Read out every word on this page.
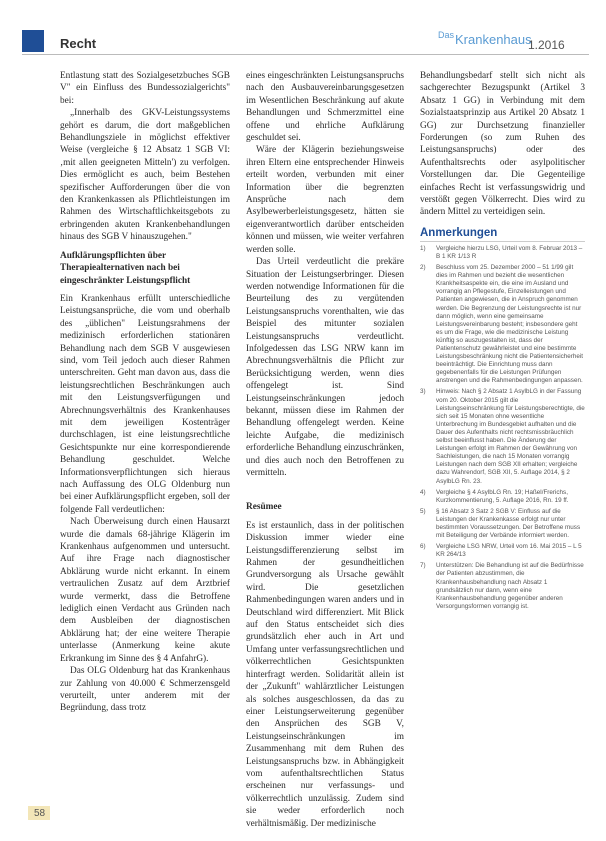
Recht
$^{Das}$Krankenhaus
1.2016

Entlastung statt des Sozialgesetzbuches SGB V" ein Einfluss des Bundessozialgerichts" bei:

„Innerhalb des GKV-Leistungssystems gehört es darum, die dort maßgeblichen Behandlungsziele in möglichst effektiver Weise (vergleiche § 12 Absatz 1 SGB VI: ‚mit allen geeigneten Mitteln') zu verfolgen. Dies ermöglicht es auch, beim Bestehen spezifischer Aufforderungen über die von den Krankenkassen als Pflichtleistungen im Rahmen des Wirtschaftlichkeitsgebots zu erbringenden akuten Krankenbehandlungen hinaus des SGB V hinauszugehen."

Aufklärungspflichten über Therapiealternativen nach bei eingeschränkter Leistungspflicht

Ein Krankenhaus erfüllt unterschiedliche Leistungsansprüche, die vom und oberhalb des „üblichen" Leistungsrahmens der medizinisch erforderlichen stationären Behandlung nach dem SGB V ausgewiesen sind, vom Teil jedoch auch dieser Rahmen unterschreiten. Geht man davon aus, dass die leistungsrechtlichen Beschränkungen auch mit den Leistungsverfügungen und Abrechnungsverhältnis des Krankenhauses mit dem jeweiligen Kostenträger durchschlagen, ist eine leistungsrechtliche Gesichtspunkte nur eine korrespondierende Behandlung geschuldet. Welche Informationsverpflichtungen sich hieraus nach Auffassung des OLG Oldenburg nun bei einer Aufklärungspflicht ergeben, soll der folgende Fall verdeutlichen:

Nach Überweisung durch einen Hausarzt wurde die damals 68-jährige Klägerin im Krankenhaus aufgenommen und untersucht. Auf ihre Frage nach diagnostischer Abklärung wurde nicht erkannt. In einem vertraulichen Zusatz auf dem Arztbrief wurde vermerkt, dass die Betroffene lediglich einen Verdacht aus Gründen nach dem Ausbleiben der diagnostischen Abklärung hat; der eine weitere Therapie unterlasse (Anmerkung keine akute Erkrankung im Sinne des § 4 AnfahrG).

Das OLG Oldenburg hat das Krankenhaus zur Zahlung von 40.000 € Schmerzensgeld verurteilt, unter anderem mit der Begründung, dass trotz

eines eingeschränkten Leistungsanspruchs nach den Ausbauvereinbarungsgesetzen im Wesentlichen Beschränkung auf akute Behandlungen und Schmerzmittel eine offene und ehrliche Aufklärung geschuldet sei.

Wäre der Klägerin beziehungsweise ihren Eltern eine entsprechender Hinweis erteilt worden, verbunden mit einer Information über die begrenzten Ansprüche nach dem Asylbewerberleistungsgesetz, hätten sie eigenverantwortlich darüber entscheiden können und müssen, wie weiter verfahren werden solle.

Das Urteil verdeutlicht die prekäre Situation der Leistungserbringer. Diesen werden notwendige Informationen für die Beurteilung des zu vergütenden Leistungsanspruchs vorenthalten, wie das Beispiel des mitunter sozialen Leistungsanspruchs verdeutlicht. Infolgedessen das LSG NRW kann im Abrechnungsverhältnis die Pflicht zur Berücksichtigung werden, wenn dies offengelegt ist. Sind Leistungseinschränkungen jedoch bekannt, müssen diese im Rahmen der Behandlung offengelegt werden. Keine leichte Aufgabe, die medizinisch erforderliche Behandlung einzuschränken, und dies auch noch den Betroffenen zu vermitteln.

Resümee

Es ist erstaunlich, dass in der politischen Diskussion immer wieder eine Leistungsdifferenzierung selbst im Rahmen der gesundheitlichen Grundversorgung als Ursache gewählt wird. Die gesetzlichen Rahmenbedingungen waren anders und in Deutschland wird differenziert. Mit Blick auf den Status entscheidet sich dies grundsätzlich eher auch in Art und Umfang unter verfassungsrechtlichen und völkerrechtlichen Gesichtspunkten hinterfragt werden. Solidarität allein ist der „Zukunft" wahlärztlicher Leistungen als solches ausgeschlossen, da das zu einer Leistungserweiterung gegenüber den Ansprüchen des SGB V, Leistungseinschränkungen im Zusammenhang mit dem Ruhen des Leistungsanspruchs bzw. in Abhängigkeit vom aufenthaltsrechtlichen Status erscheinen nur verfassungs- und völkerrechtlich unzulässig. Zudem sind sie weder erforderlich noch verhältnismäßig. Der medizinische

Behandlungsbedarf stellt sich nicht als sachgerechter Bezugspunkt (Artikel 3 Absatz 1 GG) in Verbindung mit dem Sozialstaatsprinzip aus Artikel 20 Absatz 1 GG) zur Durchsetzung finanzieller Forderungen (so zum Ruhen des Leistungsanspruchs) oder des Aufenthaltsrechts oder asylpolitischer Vorstellungen dar. Die Gegenteilige einfaches Recht ist verfassungswidrig und verstößt gegen Völkerrecht. Dies wird zu ändern Mittel zu verteidigen sein.

Anmerkungen
1)	Vergleiche hierzu LSG, Urteil vom 8. Februar 2013 – B 1 KR 1/13 R
2)	Beschluss vom 25. Dezember 2000 – 51 1/99 gilt dies im Rahmen und bezieht die wesentlichen Krankheitsaspekte ein, die eine im Ausland und vorrangig an Pflegestufe, Einzelleistungen und Patienten angewiesen, die in Anspruch genommen werden. Die Begrenzung der Leistungsrechte ist nur dann möglich, wenn eine gemeinsame Leistungsvereinbarung besteht; insbesondere geht es um die Frage, wie die medizinische Leistung künftig so auszugestalten ist, dass der Patientenschutz gewährleistet und eine bestimmte Leistungsbeschränkung nicht die Patientensicherheit beeinträchtigt. Die Einrichtung muss dann gegebenenfalls für die Leistungen Prüfungen anstrengen und die Rahmenbedingungen anpassen.
3)	Hinweis: Nach § 2 Absatz 1 AsylbLG in der Fassung vom 20. Oktober 2015 gilt die Leistungseinschränkung für Leistungsberechtigte, die sich seit 15 Monaten ohne wesentliche Unterbrechung im Bundesgebiet aufhalten und die Dauer des Aufenthalts nicht rechtsmissbräuchlich selbst beeinflusst haben. Die Änderung der Leistungen erfolgt im Rahmen der Gewährung von Sachleistungen, die nach 15 Monaten vorrangig Leistungen nach dem SGB XII erhalten; vergleiche dazu Wahrendorf, SGB XII, 5. Auflage 2014, § 2 AsylbLG Rn. 23.
4)	Vergleiche § 4 AsylbLG Rn. 19; Haßel/Frerichs, Kurzkommentierung, 5. Auflage 2016, Rn. 19 ff.
5)	§ 16 Absatz 3 Satz 2 SGB V: Einfluss auf die Leistungen der Krankenkasse erfolgt nur unter bestimmten Voraussetzungen. Der Betroffene muss mit Beteiligung der Verbände informiert werden.
6)	Vergleiche LSG NRW, Urteil vom 16. Mai 2015 – L 5 KR 264/13
7)	Unterstützen: Die Behandlung ist auf die Bedürfnisse der Patienten abzustimmen, die Krankenhausbehandlung nach Absatz 1 grundsätzlich nur dann, wenn eine Krankenhausbehandlung gegenüber anderen Versorgungsformen vorrangig ist.
58
